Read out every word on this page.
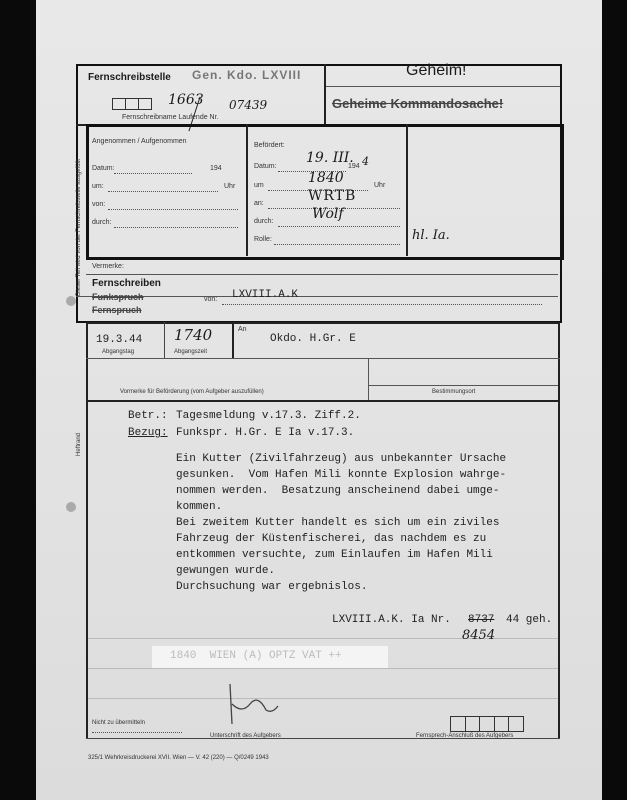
Fernschreibstelle Gen. Kdo. LXVIII
1663 07439
Fernschreibname Laufende Nr.
Geheim!
Geheime Kommandosache!
Angenommen / Aufgenommen
Datum:	194
um:	Uhr
von:
durch:
Befördert:
Datum:
19. III.
194 4
um	1840	Uhr
an:	WRTB
durch:	Wolf
Rolle:	hl. Ia.
Vermerke:
Fernschreiben
Funkspruch
Fernspruch
von: LXVIII.A.K
Dieser Teil wird von der Fernschreibstelle ausgefüllt
19.3.44
Abgangstag
1740
Abgangszeit
An
Okdo. H.Gr. E
Vormerke für Beförderung (vom Aufgeber auszufüllen)	Bestimmungsort
Heftrand
Betr.: Tagesmeldung v.17.3. Ziff.2.
Bezug: Funkspr. H.Gr. E Ia v.17.3.
Ein Kutter (Zivilfahrzeug) aus unbekannter Ursache
gesunken.  Vom Hafen Mili konnte Explosion wahrge-
nommen werden.  Besatzung anscheinend dabei umge-
kommen.
Bei zweitem Kutter handelt es sich um ein ziviles
Fahrzeug der Küstenfischerei, das nachdem es zu
entkommen versuchte, zum Einlaufen im Hafen Mili
gewungen wurde.
Durchsuchung war ergebnislos.
LXVIII.A.K. Ia Nr. 8737 44 geh.
8454
1840  WIEN (A) OPTZ VAT ++
Nicht zu übermitteln
Unterschrift des Aufgebers	Fernsprech-Anschluß des Aufgebers
325/1 Wehrkreisdruckerei XVII. Wien — V. 42 (220) — Q/0249 1943
